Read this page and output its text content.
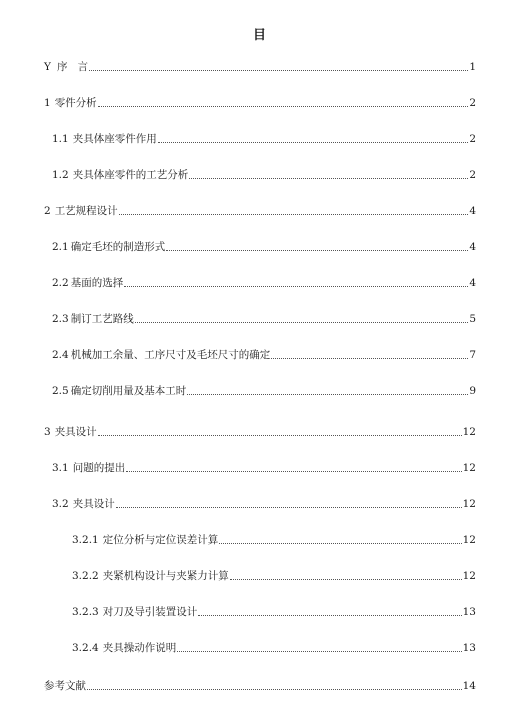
目
Y 序   言	1
1 零件分析	2
1.1 夹具体座零件作用	2
1.2 夹具体座零件的工艺分析	2
2 工艺规程设计	4
2.1 确定毛坯的制造形式	4
2.2 基面的选择	4
2.3 制订工艺路线	5
2.4 机械加工余量、工序尺寸及毛坯尺寸的确定	7
2.5 确定切削用量及基本工时	9
3 夹具设计	12
3.1 问题的提出	12
3.2 夹具设计	12
3.2.1 定位分析与定位误差计算	12
3.2.2 夹紧机构设计与夹紧力计算	12
3.2.3 对刀及导引装置设计	13
3.2.4 夹具操动作说明	13
参考文献	14
